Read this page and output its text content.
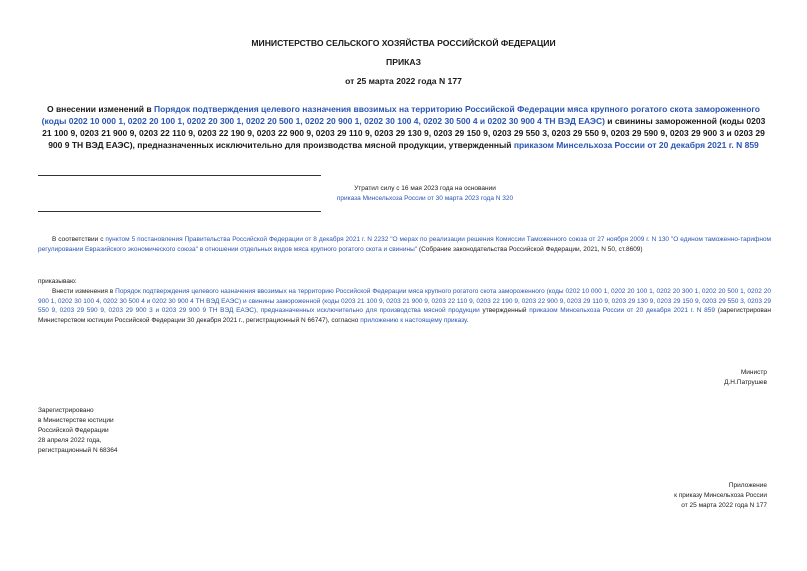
МИНИСТЕРСТВО СЕЛЬСКОГО ХОЗЯЙСТВА РОССИЙСКОЙ ФЕДЕРАЦИИ
ПРИКАЗ
от 25 марта 2022 года N 177
О внесении изменений в Порядок подтверждения целевого назначения ввозимых на территорию Российской Федерации мяса крупного рогатого скота замороженного (коды 0202 10 000 1, 0202 20 100 1, 0202 20 300 1, 0202 20 500 1, 0202 20 900 1, 0202 30 100 4, 0202 30 500 4 и 0202 30 900 4 ТН ВЭД ЕАЭС) и свинины замороженной (коды 0203 21 100 9, 0203 21 900 9, 0203 22 110 9, 0203 22 190 9, 0203 22 900 9, 0203 29 110 9, 0203 29 130 9, 0203 29 150 9, 0203 29 550 3, 0203 29 550 9, 0203 29 590 9, 0203 29 900 3 и 0203 29 900 9 ТН ВЭД ЕАЭС), предназначенных исключительно для производства мясной продукции, утвержденный приказом Минсельхоза России от 20 декабря 2021 г. N 859
Утратил силу с 16 мая 2023 года на основании
приказа Минсельхоза России от 30 марта 2023 года N 320
В соответствии с пунктом 5 постановления Правительства Российской Федерации от 8 декабря 2021 г. N 2232 "О мерах по реализации решения Комиссии Таможенного союза от 27 ноября 2009 г. N 130 "О едином таможенно-тарифном регулировании Евразийского экономического союза" в отношении отдельных видов мяса крупного рогатого скота и свинины" (Собрание законодательства Российской Федерации, 2021, N 50, ст.8609)
приказываю:
Внести изменения в Порядок подтверждения целевого назначения ввозимых на территорию Российской Федерации мяса крупного рогатого скота замороженного (коды 0202 10 000 1, 0202 20 100 1, 0202 20 300 1, 0202 20 500 1, 0202 20 900 1, 0202 30 100 4, 0202 30 500 4 и 0202 30 900 4 ТН ВЭД ЕАЭС) и свинины замороженной (коды 0203 21 100 9, 0203 21 900 9, 0203 22 110 9, 0203 22 190 9, 0203 22 900 9, 0203 29 110 9, 0203 29 130 9, 0203 29 150 9, 0203 29 550 3, 0203 29 550 9, 0203 29 590 9, 0203 29 900 3 и 0203 29 900 9 ТН ВЭД ЕАЭС), предназначенных исключительно для производства мясной продукции утвержденный приказом Минсельхоза России от 20 декабря 2021 г. N 859 (зарегистрирован Министерством юстиции Российской Федерации 30 декабря 2021 г., регистрационный N 66747), согласно приложению к настоящему приказу.
Министр
Д.Н.Патрушев
Зарегистрировано
в Министерстве юстиции
Российской Федерации
28 апреля 2022 года,
регистрационный N 68364
Приложение
к приказу Минсельхоза России
от 25 марта 2022 года N 177
